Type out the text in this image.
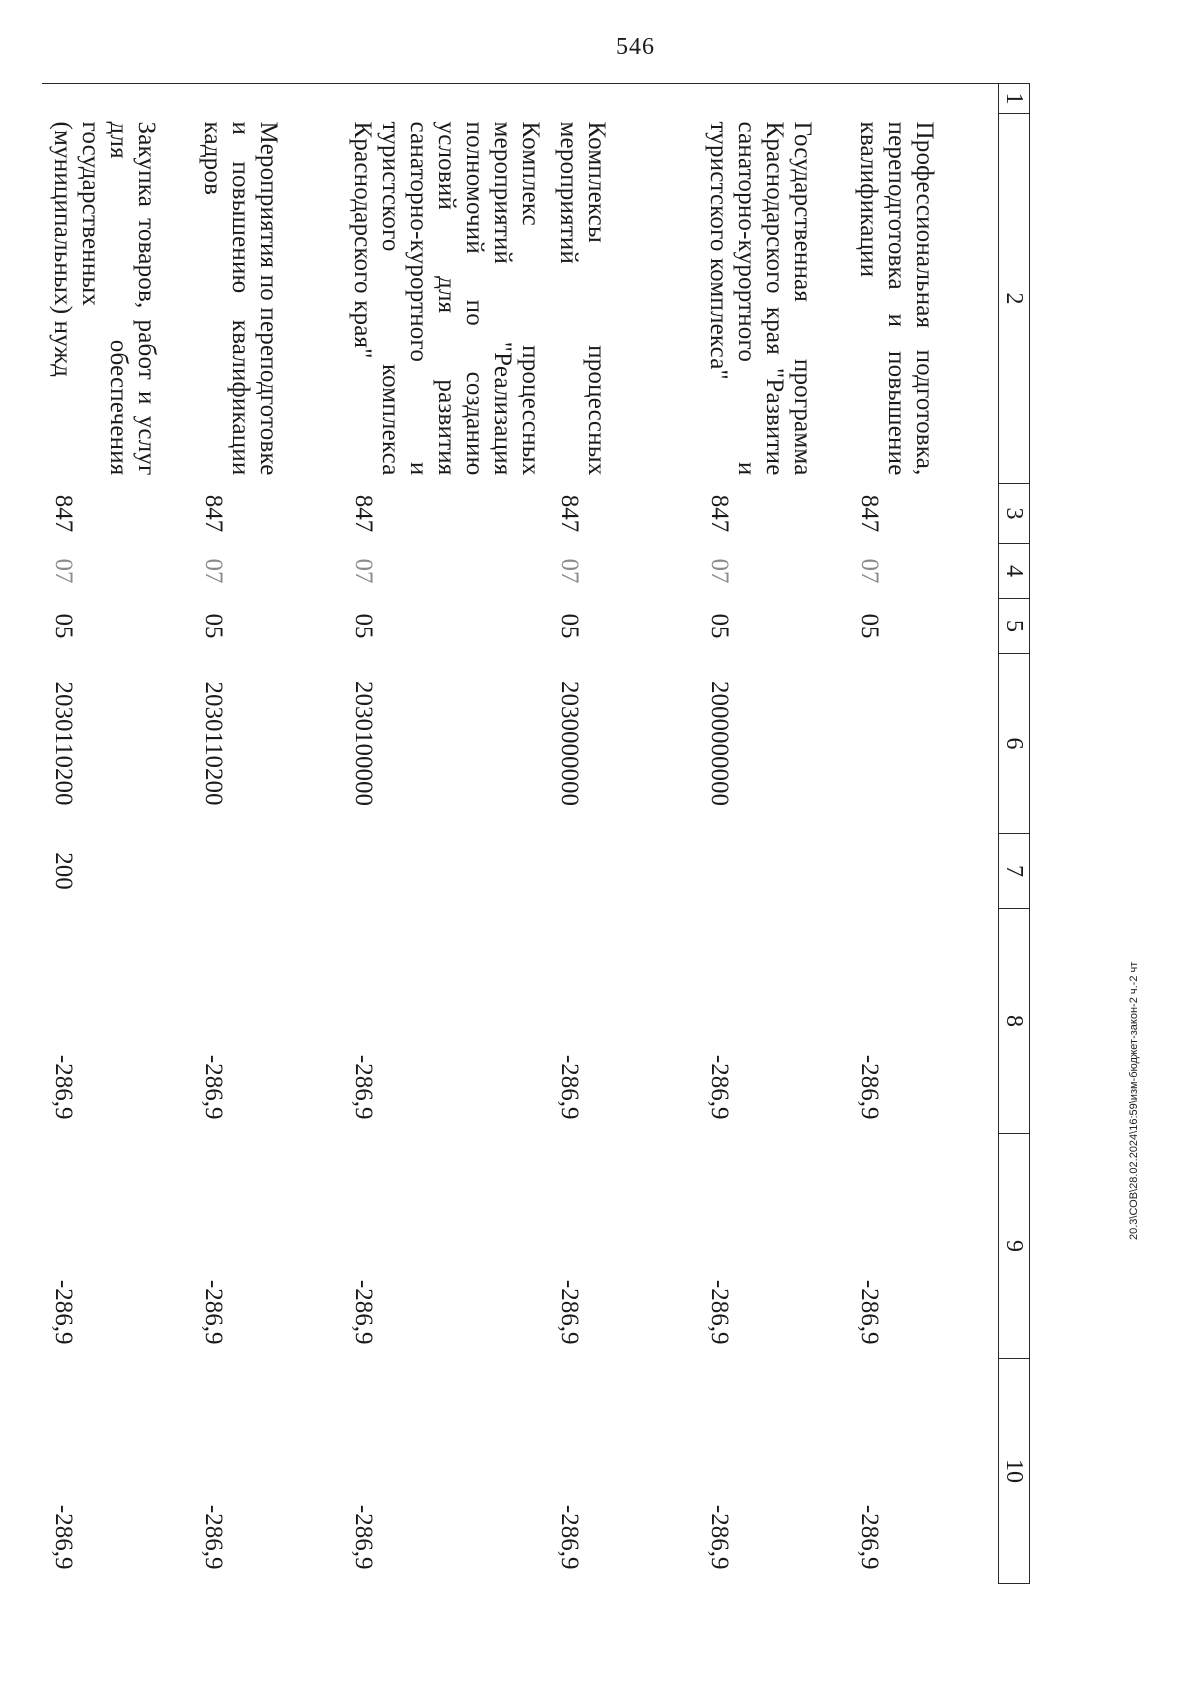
546
1	2	3	4	5	6	7	8	9	10
	Профессиональная подготовка, переподготовка и повышение квалификации	847	07	05			-286,9	-286,9	-286,9
	Государственная программа Краснодарского края "Развитие санаторно-курортного и туристского комплекса"	847	07	05	2000000000		-286,9	-286,9	-286,9
	Комплексы процессных мероприятий	847	07	05	2030000000		-286,9	-286,9	-286,9
	Комплекс процессных мероприятий "Реализация полномочий по созданию условий для развития санаторно-курортного и туристского комплекса Краснодарского края"	847	07	05	2030100000		-286,9	-286,9	-286,9
	Мероприятия по переподготовке и повышению квалификации кадров	847	07	05	2030110200		-286,9	-286,9	-286,9
	Закупка товаров, работ и услуг для обеспечения государственных (муниципальных) нужд	847	07	05	2030110200	200	-286,9	-286,9	-286,9
20.3\СОВ\28.02.2024\16:59\изм-бюджет-закон-2 ч.-2 чт
